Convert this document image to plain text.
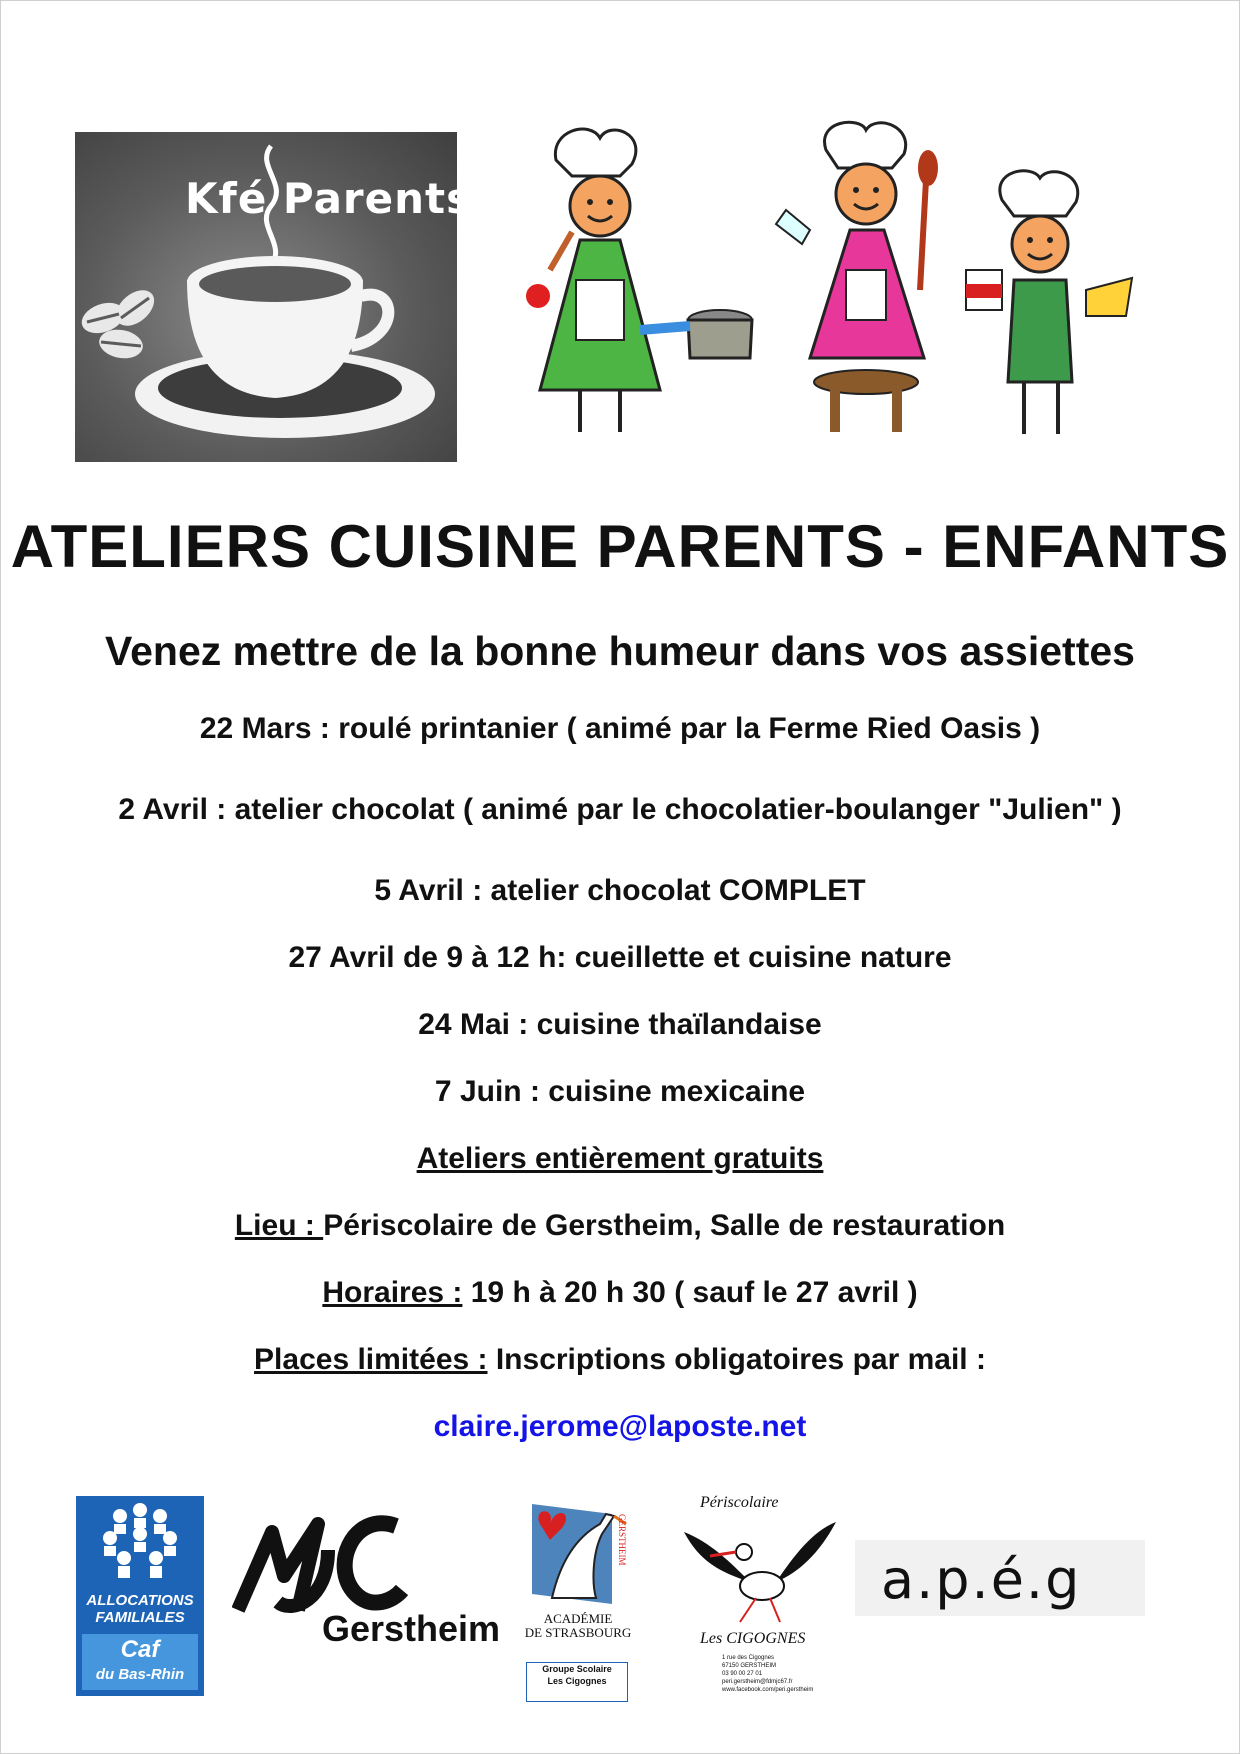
Kfé Parents
ATELIERS CUISINE PARENTS - ENFANTS
Venez mettre de la bonne humeur dans vos assiettes
22 Mars : roulé printanier ( animé par la Ferme Ried Oasis )
2 Avril : atelier chocolat ( animé par le chocolatier-boulanger "Julien" )
5 Avril : atelier chocolat COMPLET
27 Avril de 9 à 12 h: cueillette et cuisine nature
24 Mai : cuisine thaïlandaise
7 Juin : cuisine mexicaine
Ateliers entièrement gratuits
Lieu : Périscolaire de Gerstheim, Salle de restauration
Horaires : 19 h à 20 h 30 ( sauf le 27 avril )
Places limitées : Inscriptions obligatoires par mail :
claire.jerome@laposte.net
ALLOCATIONS
FAMILIALES
Caf
du Bas-Rhin
Gerstheim
GERSTHEIM
ACADÉMIE
DE STRASBOURG
Groupe Scolaire
Les Cigognes
Périscolaire
Les CIGOGNES
1 rue des Cigognes
67150 GERSTHEIM
03 90 00 27 01
peri.gerstheim@fdmjc67.fr
www.facebook.com/peri.gerstheim
a.p.é.g
